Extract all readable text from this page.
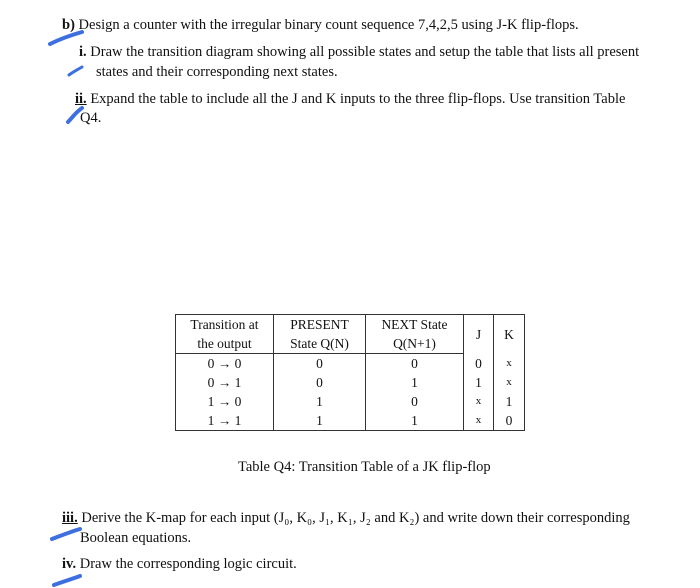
b) Design a counter with the irregular binary count sequence 7,4,2,5 using J-K flip-flops.
i. Draw the transition diagram showing all possible states and setup the table that lists all present
states and their corresponding next states.
ii. Expand the table to include all the J and K inputs to the three flip-flops. Use transition Table
Q4.
Transition at	PRESENT	NEXT State	J	K
the output	State Q(N)	Q(N+1)		
0 → 0	0	0	0	x
0 → 1	0	1	1	x
1 → 0	1	0	x	1
1 → 1	1	1	x	0
Table Q4: Transition Table of a JK flip-flop
iii. Derive the K-map for each input (J₀, K₀, J₁, K₁, J₂ and K₂) and write down their corresponding
Boolean equations.
iv. Draw the corresponding logic circuit.
